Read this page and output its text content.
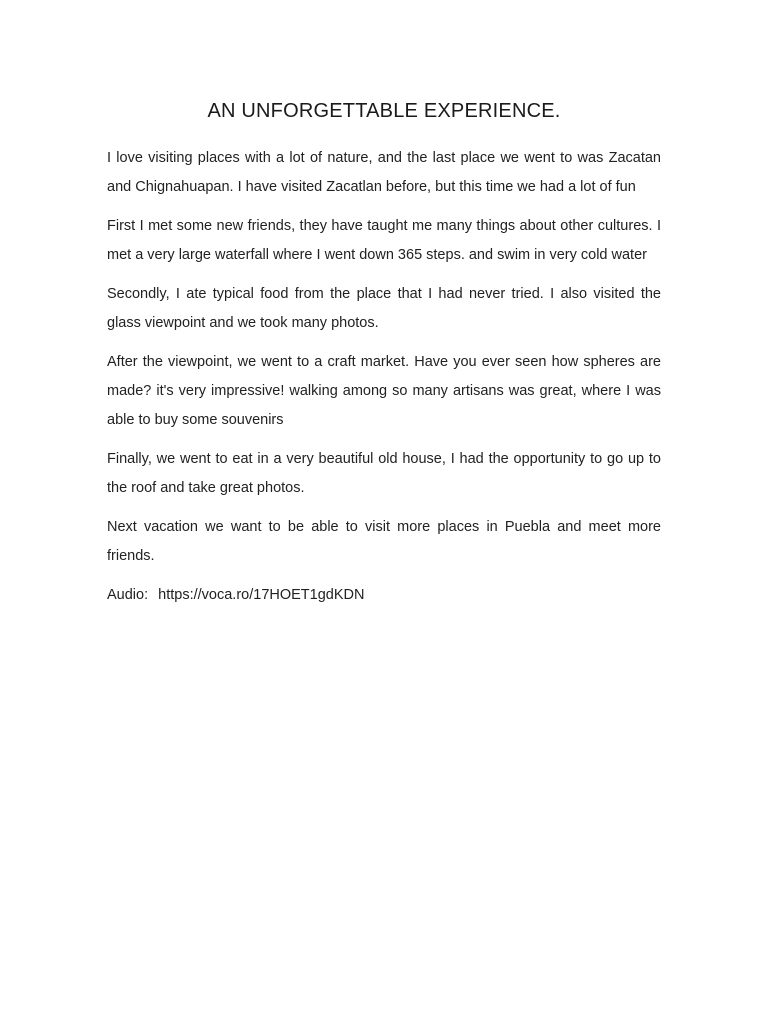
AN UNFORGETTABLE EXPERIENCE.

I love visiting places with a lot of nature, and the last place we went to was Zacatan and Chignahuapan. I have visited Zacatlan before, but this time we had a lot of fun

First I met some new friends, they have taught me many things about other cultures. I met a very large waterfall where I went down 365 steps. and swim in very cold water

Secondly, I ate typical food from the place that I had never tried. I also visited the glass viewpoint and we took many photos.

After the viewpoint, we went to a craft market. Have you ever seen how spheres are made? it's very impressive! walking among so many artisans was great, where I was able to buy some souvenirs

Finally, we went to eat in a very beautiful old house, I had the opportunity to go up to the roof and take great photos.

Next vacation we want to be able to visit more places in Puebla and meet more friends.

Audio: https://voca.ro/17HOET1gdKDN
